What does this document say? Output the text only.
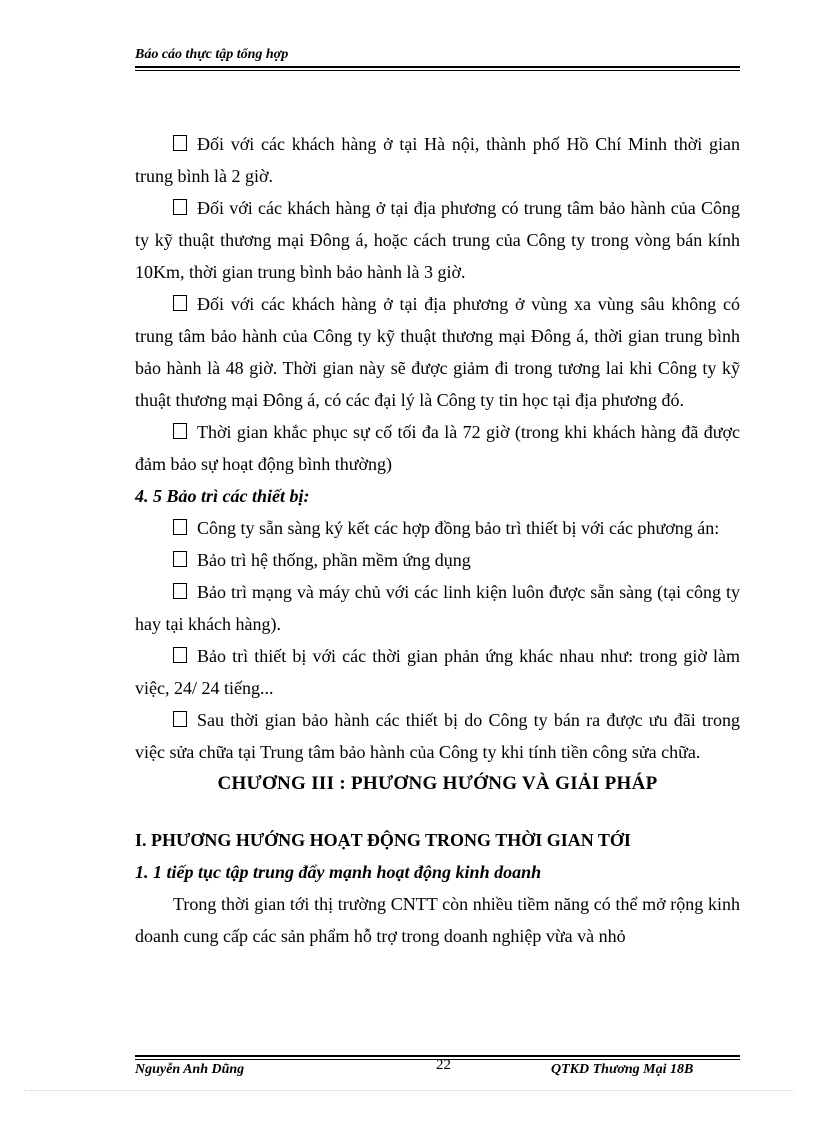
Báo cáo thực tập tổng hợp

Đối với các khách hàng ở tại Hà nội, thành phố Hồ Chí Minh thời gian trung bình là 2 giờ.

Đối với các khách hàng ở tại địa phương có trung tâm bảo hành của Công ty kỹ thuật thương mại Đông á, hoặc cách trung của Công ty trong vòng bán kính 10Km, thời gian trung bình bảo hành là 3 giờ.

Đối với các khách hàng ở tại địa phương ở vùng xa vùng sâu không có trung tâm bảo hành của Công ty kỹ thuật thương mại Đông á, thời gian trung bình bảo hành là 48 giờ. Thời gian này sẽ được giảm đi trong tương lai khi Công ty kỹ thuật thương mại Đông á, có các đại lý là Công ty tin học tại địa phương đó.

Thời gian khắc phục sự cố tối đa là 72 giờ (trong khi khách hàng đã được đảm bảo sự hoạt động bình thường)

4. 5 Bảo trì các thiết bị:

Công ty sẵn sàng ký kết các hợp đồng bảo trì thiết bị với các phương án:

Bảo trì hệ thống, phần mềm ứng dụng

Bảo trì mạng và máy chủ với các linh kiện luôn được sẵn sàng (tại công ty hay tại khách hàng).

Bảo trì thiết bị với các thời gian phản ứng khác nhau như: trong giờ làm việc, 24/ 24 tiếng...

Sau thời gian bảo hành các thiết bị do Công ty bán ra được ưu đãi trong việc sửa chữa tại Trung tâm bảo hành của Công ty khi tính tiền công sửa chữa.

CHƯƠNG III : PHƯƠNG HƯỚNG VÀ GIẢI PHÁP

I. PHƯƠNG HƯỚNG HOẠT ĐỘNG TRONG THỜI GIAN TỚI

1. 1 tiếp tục tập trung đẩy mạnh hoạt động kinh doanh

Trong thời gian tới thị trường CNTT còn nhiều tiềm năng có thể mở rộng kinh doanh cung cấp các sản phẩm hỗ trợ trong doanh nghiệp vừa và nhỏ

Nguyễn Anh Dũng	22	QTKD Thương Mại 18B
